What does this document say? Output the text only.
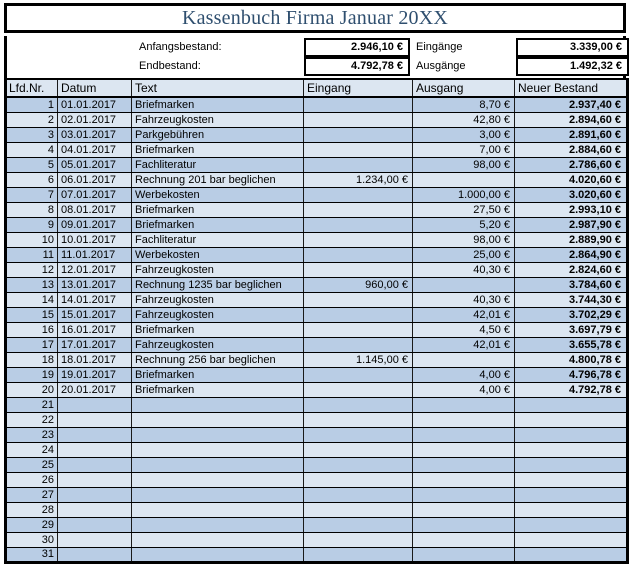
Kassenbuch Firma Januar 20XX
Anfangsbestand:	2.946,10 €	Eingänge	3.339,00 €
Endbestand:	4.792,78 €	Ausgänge	1.492,32 €
Lfd.Nr.	Datum	Text	Eingang	Ausgang	Neuer Bestand
1	01.01.2017	Briefmarken		8,70 €	2.937,40 €
2	02.01.2017	Fahrzeugkosten		42,80 €	2.894,60 €
3	03.01.2017	Parkgebühren		3,00 €	2.891,60 €
4	04.01.2017	Briefmarken		7,00 €	2.884,60 €
5	05.01.2017	Fachliteratur		98,00 €	2.786,60 €
6	06.01.2017	Rechnung 201 bar beglichen	1.234,00 €		4.020,60 €
7	07.01.2017	Werbekosten		1.000,00 €	3.020,60 €
8	08.01.2017	Briefmarken		27,50 €	2.993,10 €
9	09.01.2017	Briefmarken		5,20 €	2.987,90 €
10	10.01.2017	Fachliteratur		98,00 €	2.889,90 €
11	11.01.2017	Werbekosten		25,00 €	2.864,90 €
12	12.01.2017	Fahrzeugkosten		40,30 €	2.824,60 €
13	13.01.2017	Rechnung 1235 bar beglichen	960,00 €		3.784,60 €
14	14.01.2017	Fahrzeugkosten		40,30 €	3.744,30 €
15	15.01.2017	Fahrzeugkosten		42,01 €	3.702,29 €
16	16.01.2017	Briefmarken		4,50 €	3.697,79 €
17	17.01.2017	Fahrzeugkosten		42,01 €	3.655,78 €
18	18.01.2017	Rechnung 256 bar beglichen	1.145,00 €		4.800,78 €
19	19.01.2017	Briefmarken		4,00 €	4.796,78 €
20	20.01.2017	Briefmarken		4,00 €	4.792,78 €
21					
22					
23					
24					
25					
26					
27					
28					
29					
30					
31					
